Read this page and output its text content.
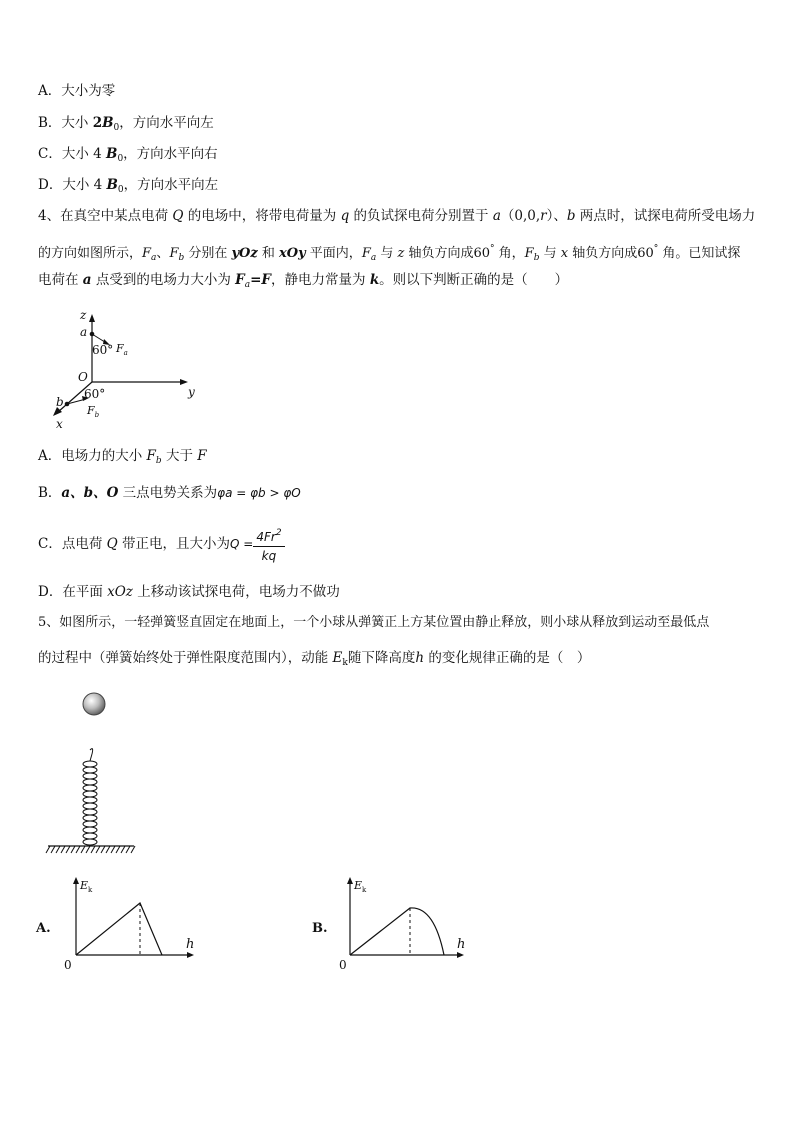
A．大小为零
B．大小 $2B_0$，方向水平向左
C．大小 4 $B_0$，方向水平向右
D．大小 4 $B_0$，方向水平向左
4、在真空中某点电荷 Q 的电场中，将带电荷量为 q 的负试探电荷分别置于 a（0,0,r）、b 两点时，试探电荷所受电场力
的方向如图所示，$F_a$、$F_b$ 分别在 yOz 和 xOy 平面内，$F_a$ 与 z 轴负方向成60° 角，$F_b$ 与 x 轴负方向成60° 角。已知试探
电荷在 a 点受到的电场力大小为 $F_a=F$，静电力常量为 k。则以下判断正确的是（　　）
z
a
60° $F_a$
O
y
60°
b
$F_b$
x
A．电场力的大小 $F_b$ 大于 F
B．a、b、O 三点电势关系为φa = φb > φO
C．点电荷 Q 带正电，且大小为$Q = \frac{4Fr^2}{kq}$
D．在平面 xOz 上移动该试探电荷，电场力不做功
5、如图所示，一轻弹簧竖直固定在地面上，一个小球从弹簧正上方某位置由静止释放，则小球从释放到运动至最低点
的过程中（弹簧始终处于弹性限度范围内），动能 $E_k$随下降高度h 的变化规律正确的是（　）
A.
$E_k$
h
0
B.
$E_k$
h
0
